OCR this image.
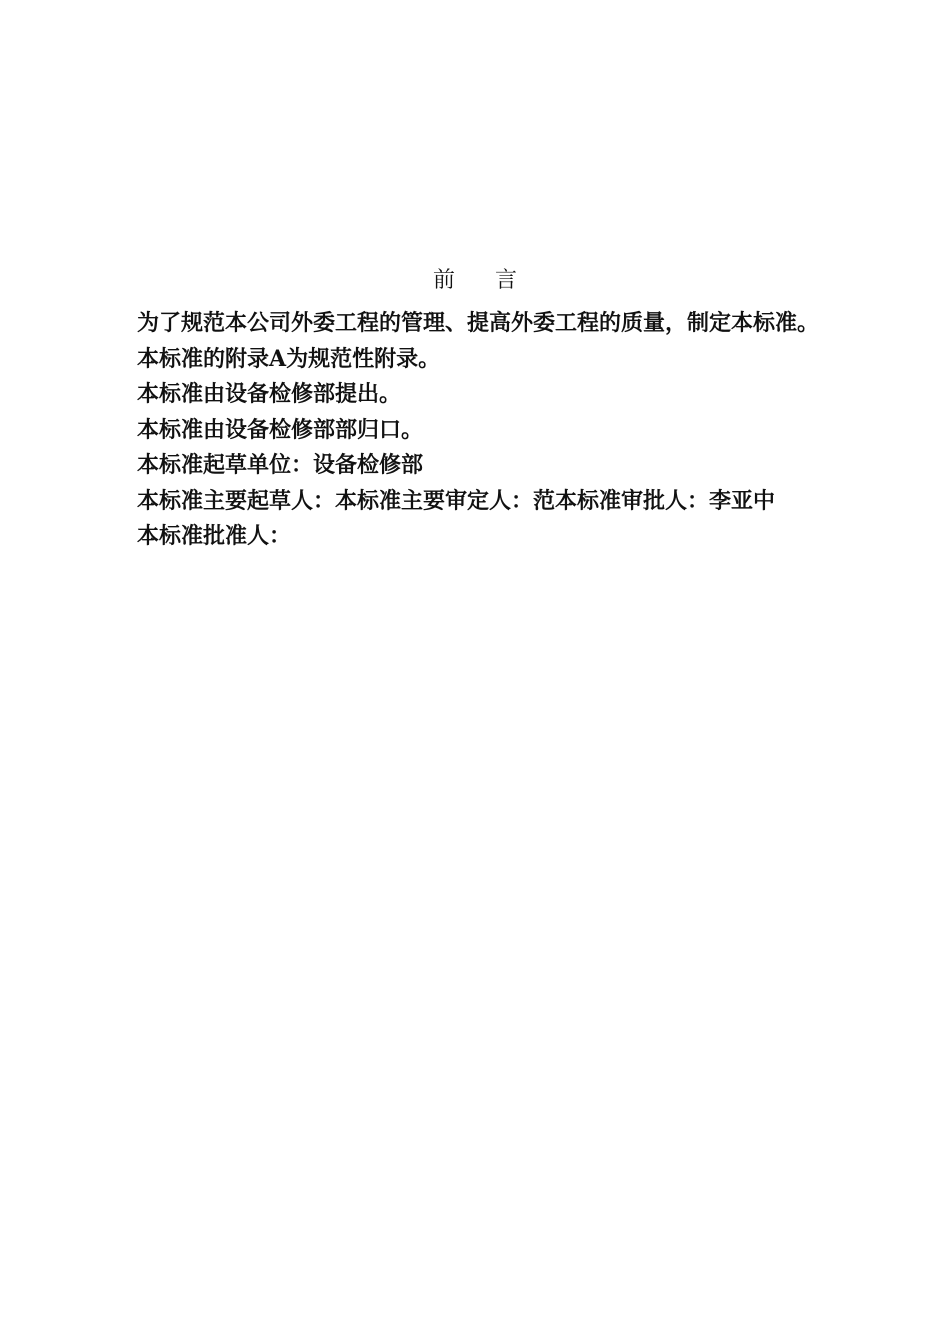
前 言
为了规范本公司外委工程的管理、提高外委工程的质量，制定本标准。
本标准的附录A为规范性附录。
本标准由设备检修部提出。
本标准由设备检修部部归口。
本标准起草单位：设备检修部
本标准主要起草人：本标准主要审定人：范本标准审批人：李亚中
本标准批准人：
